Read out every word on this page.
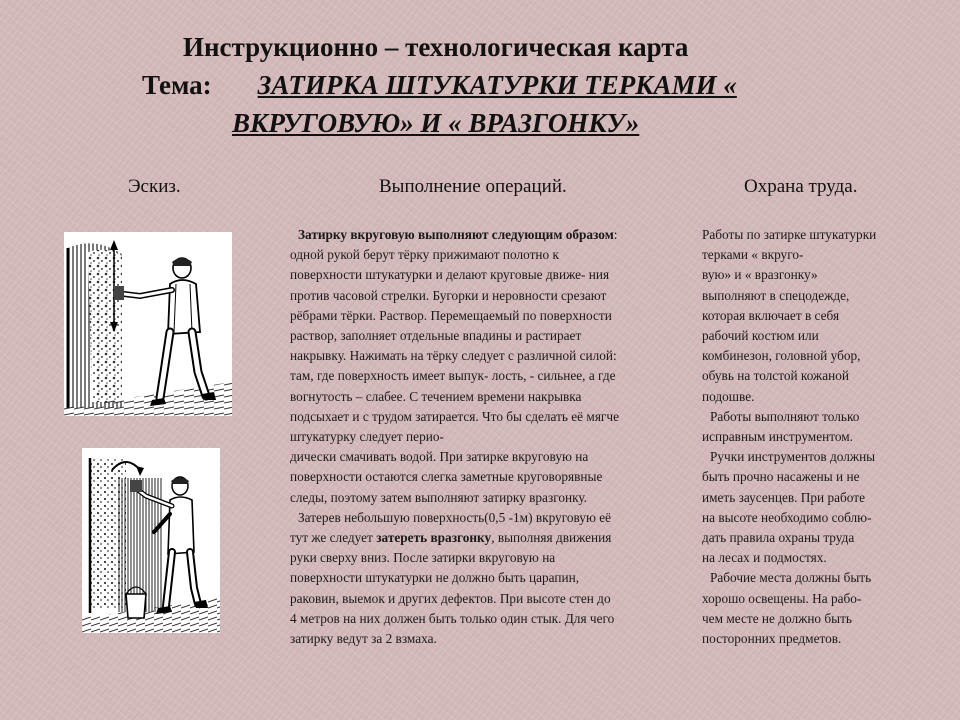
Инструкционно – технологическая карта
Тема: ЗАТИРКА ШТУКАТУРКИ ТЕРКАМИ «
ВКРУГОВУЮ» И « ВРАЗГОНКУ»
Эскиз.	Выполнение операций.	Охрана труда.

Затирку вкруговую выполняют следующим образом:

одной рукой берут тёрку прижимают полотно к

поверхности штукатурки и делают круговые движе- ния

против часовой стрелки. Бугорки и неровности срезают

рёбрами тёрки. Раствор. Перемещаемый по поверхности

раствор, заполняет отдельные впадины и растирает

накрывку. Нажимать на тёрку следует с различной силой:

там, где поверхность имеет выпук- лость, - сильнее, а где

вогнутость – слабее. С течением времени накрывка

подсыхает и с трудом затирается. Что бы сделать её мягче

штукатурку следует перио-

дически смачивать водой. При затирке вкруговую на

поверхности остаются слегка заметные круговорявные

следы, поэтому затем выполняют затирку вразгонку.

Затерев небольшую поверхность(0,5 -1м) вкруговую её

тут же следует затереть вразгонку, выполняя движения

руки сверху вниз. После затирки вкруговую на

поверхности штукатурки не должно быть царапин,

раковин, выемок и других дефектов. При высоте стен до

4 метров на них должен быть только один стык. Для чего

затирку ведут за 2 взмаха.

Работы по затирке штукатурки

терками « вкруго-

вую» и « вразгонку»

выполняют в спецодежде,

которая включает в себя

рабочий костюм или

комбинезон, головной убор,

обувь на толстой кожаной

подошве.

Работы выполняют только

исправным инструментом.

Ручки инструментов должны

быть прочно насажены и не

иметь заусенцев. При работе

на высоте необходимо соблю-

дать правила охраны труда

на лесах и подмостях.

Рабочие места должны быть

хорошо освещены. На рабо-

чем месте не должно быть

посторонних предметов.
